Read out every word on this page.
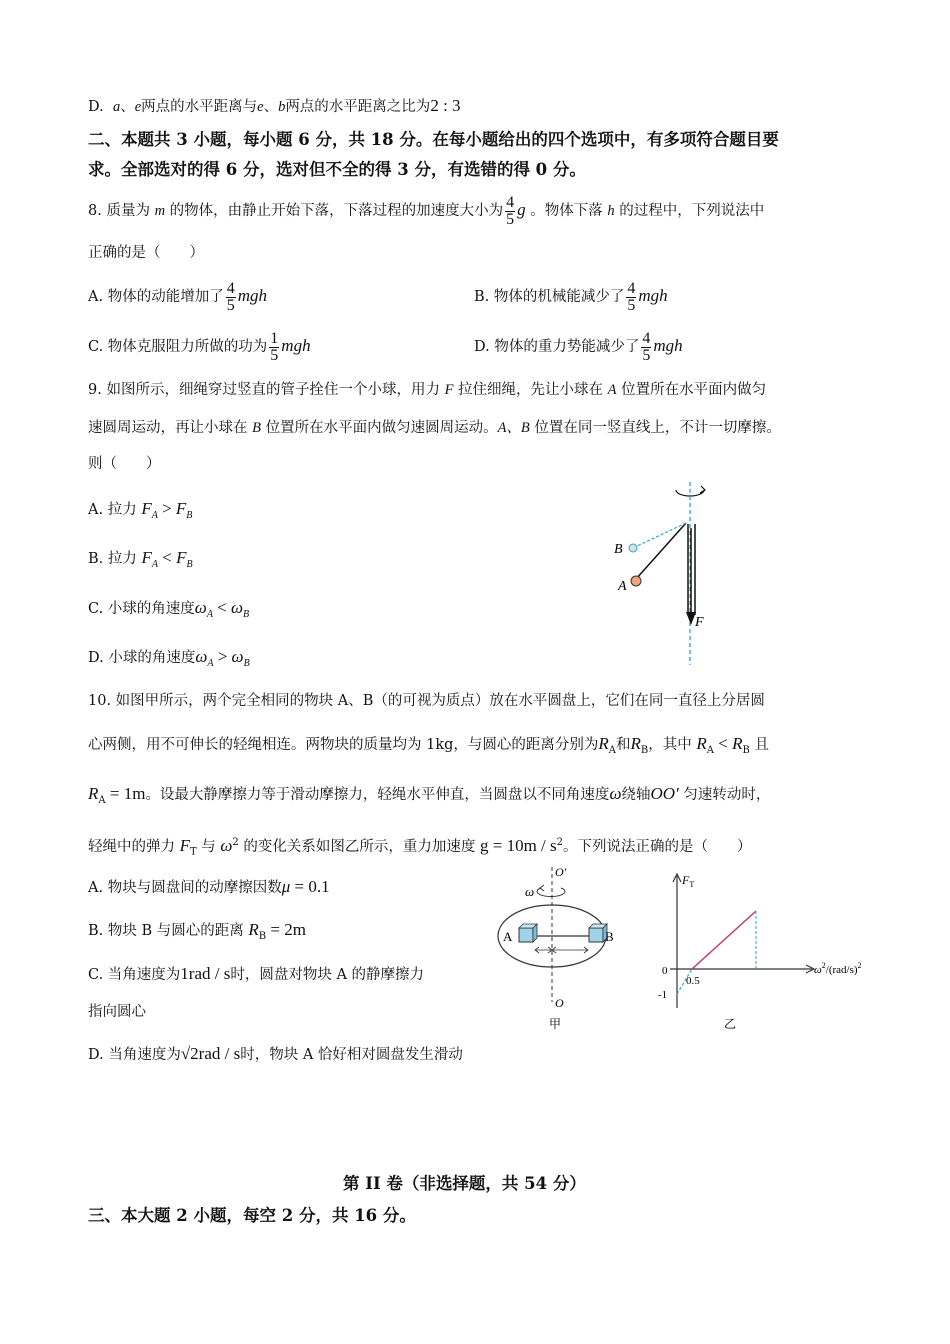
D. a、e两点的水平距离与e、b两点的水平距离之比为2 : 3
二、本题共 3 小题，每小题 6 分，共 18 分。在每小题给出的四个选项中，有多项符合题目要
求。全部选对的得 6 分，选对但不全的得 3 分，有选错的得 0 分。
8. 质量为 m 的物体，由静止开始下落，下落过程的加速度大小为 $\frac{4}{5}$ g 。物体下落 h 的过程中，下列说法中
正确的是（　　）
A. 物体的动能增加了 $\frac{4}{5}$ mgh	B. 物体的机械能减少了 $\frac{4}{5}$ mgh
C. 物体克服阻力所做的功为 $\frac{1}{5}$ mgh	D. 物体的重力势能减少了 $\frac{4}{5}$ mgh
9. 如图所示，细绳穿过竖直的管子拴住一个小球，用力 F 拉住细绳，先让小球在 A 位置所在水平面内做匀
速圆周运动，再让小球在 B 位置所在水平面内做匀速圆周运动。A、B 位置在同一竖直线上，不计一切摩擦。
则（　　）
A. 拉力 $F_A > F_B$
B. 拉力 $F_A < F_B$
C. 小球的角速度$\omega_A < \omega_B$
D. 小球的角速度$\omega_A > \omega_B$
B
A
F
10. 如图甲所示，两个完全相同的物块 A、B（的可视为质点）放在水平圆盘上，它们在同一直径上分居圆
心两侧，用不可伸长的轻绳相连。两物块的质量均为 1kg，与圆心的距离分别为$R_A$和$R_B$，其中 $R_A < R_B$ 且
$R_A = 1m$。设最大静摩擦力等于滑动摩擦力，轻绳水平伸直，当圆盘以不同角速度ω绕轴OO′ 匀速转动时，
轻绳中的弹力 $F_T$ 与 $\omega^2$ 的变化关系如图乙所示，重力加速度 $g = 10m / s^2$。下列说法正确的是（　　）
A. 物块与圆盘间的动摩擦因数μ = 0.1
B. 物块 B 与圆心的距离 $R_B = 2m$
C. 当角速度为1rad / s时，圆盘对物块 A 的静摩擦力
指向圆心
D. 当角速度为√2rad / s时，物块 A 恰好相对圆盘发生滑动
O′
ω
A	B
O
甲
$F_T$
$\omega^2/(rad/s)^2$
0
-1
0.5
乙
第 II 卷（非选择题，共 54 分）
三、本大题 2 小题，每空 2 分，共 16 分。
